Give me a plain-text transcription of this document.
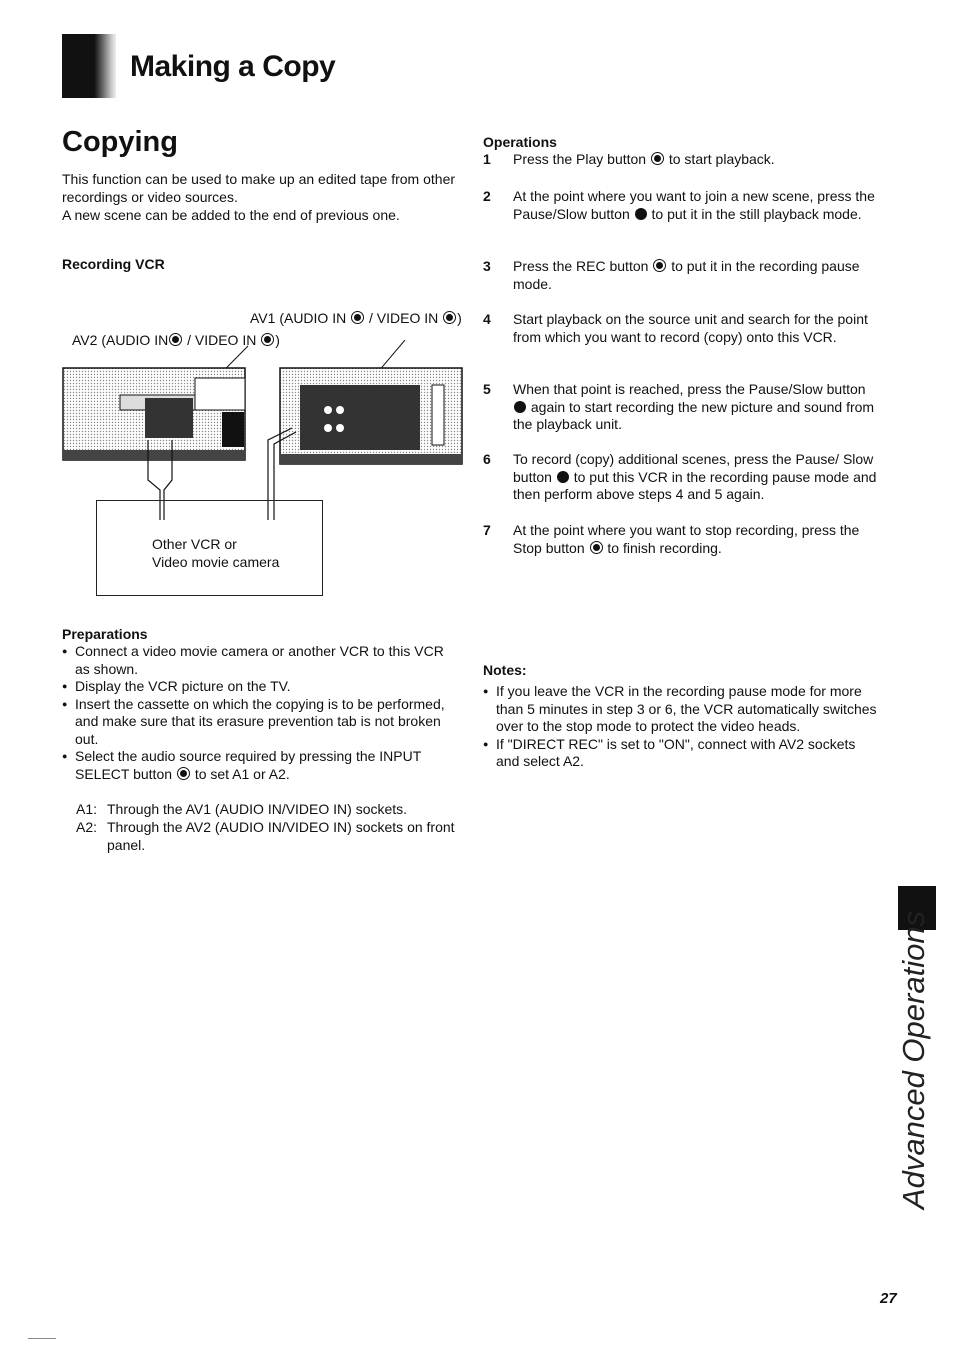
Making a Copy
Copying
This function can be used to make up an edited tape from other recordings or video sources.
A new scene can be added to the end of previous one.
Recording VCR
AV1 (AUDIO IN / VIDEO IN )
AV2 (AUDIO IN / VIDEO IN )
Other VCR or
Video movie camera
Preparations
● Connect a video movie camera or another VCR to this VCR as shown.
● Display the VCR picture on the TV.
● Insert the cassette on which the copying is to be performed, and make sure that its erasure prevention tab is not broken out.
● Select the audio source required by pressing the INPUT SELECT button to set A1 or A2.
A1: Through the AV1 (AUDIO IN/VIDEO IN) sockets.
A2: Through the AV2 (AUDIO IN/VIDEO IN) sockets on front panel.
Operations
1	Press the Play button to start playback.
2	At the point where you want to join a new scene, press the Pause/Slow button to put it in the still playback mode.
3	Press the REC button to put it in the recording pause mode.
4	Start playback on the source unit and search for the point from which you want to record (copy) onto this VCR.
5	When that point is reached, press the Pause/Slow button  again to start recording the new picture and sound from the playback unit.
6	To record (copy) additional scenes, press the Pause/ Slow button to put this VCR in the recording pause mode and then perform above steps 4 and 5 again.
7	At the point where you want to stop recording, press the Stop button to finish recording.
Notes:
● If you leave the VCR in the recording pause mode for more than 5 minutes in step 3 or 6, the VCR automatically switches over to the stop mode to protect the video heads.
● If "DIRECT REC" is set to "ON", connect with AV2 sockets and select A2.
Advanced Operations
27
